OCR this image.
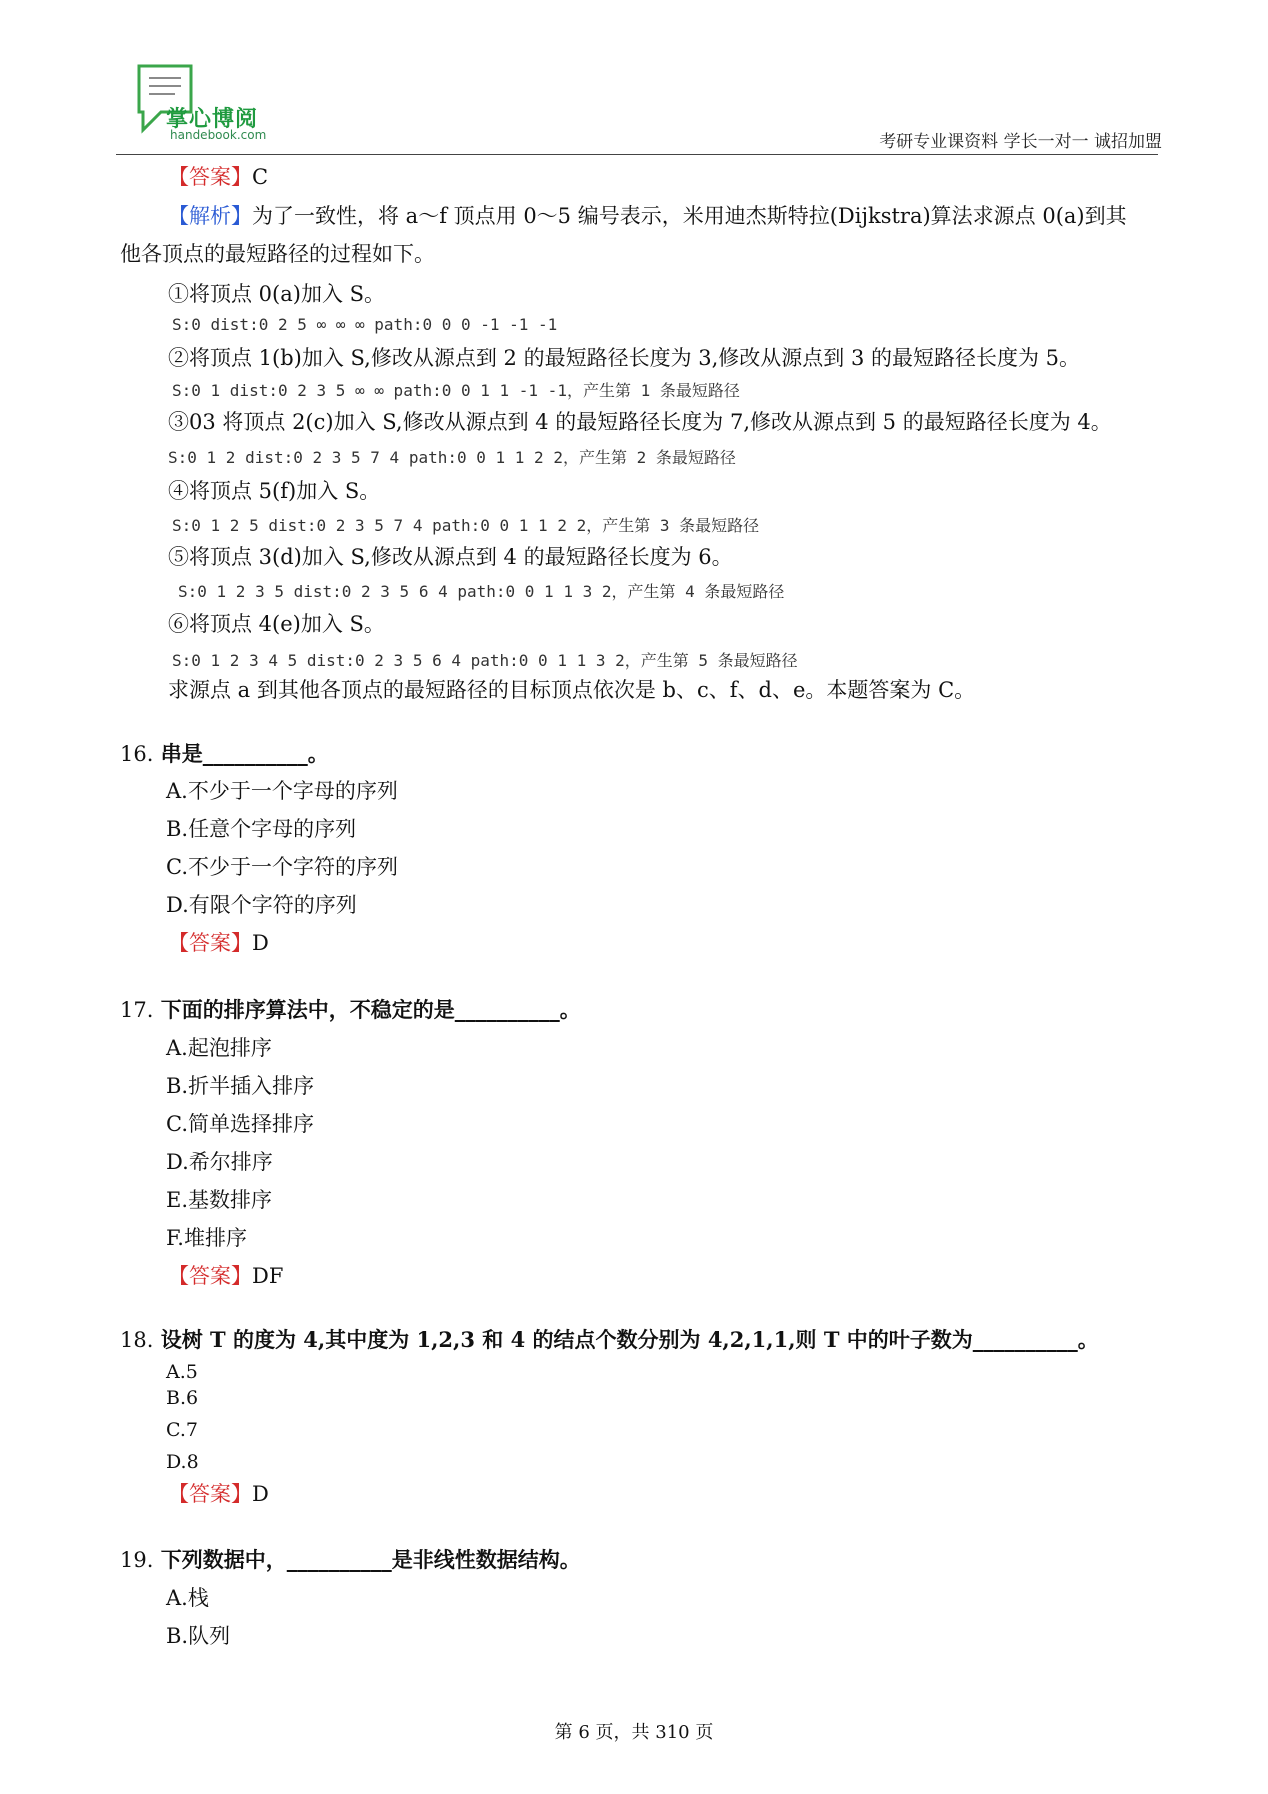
掌心博阅
handebook.com	考研专业课资料 学长一对一 诚招加盟
【答案】C
【解析】为了一致性，将 a～f 顶点用 0～5 编号表示，米用迪杰斯特拉(Dijkstra)算法求源点 0(a)到其
他各顶点的最短路径的过程如下。
①将顶点 0(a)加入 S。
S:0 dist:0 2 5 ∞ ∞ ∞ path:0 0 0 -1 -1 -1
②将顶点 1(b)加入 S,修改从源点到 2 的最短路径长度为 3,修改从源点到 3 的最短路径长度为 5。
S:0 1 dist:0 2 3 5 ∞ ∞ path:0 0 1 1 -1 -1，产生第 1 条最短路径
③03 将顶点 2(c)加入 S,修改从源点到 4 的最短路径长度为 7,修改从源点到 5 的最短路径长度为 4。
S:0 1 2 dist:0 2 3 5 7 4 path:0 0 1 1 2 2，产生第 2 条最短路径
④将顶点 5(f)加入 S。
S:0 1 2 5 dist:0 2 3 5 7 4 path:0 0 1 1 2 2，产生第 3 条最短路径
⑤将顶点 3(d)加入 S,修改从源点到 4 的最短路径长度为 6。
S:0 1 2 3 5 dist:0 2 3 5 6 4 path:0 0 1 1 3 2，产生第 4 条最短路径
⑥将顶点 4(e)加入 S。
S:0 1 2 3 4 5 dist:0 2 3 5 6 4 path:0 0 1 1 3 2，产生第 5 条最短路径
求源点 a 到其他各顶点的最短路径的目标顶点依次是 b、c、f、d、e。本题答案为 C。
16. 串是__________。
A.不少于一个字母的序列
B.任意个字母的序列
C.不少于一个字符的序列
D.有限个字符的序列
【答案】D
17. 下面的排序算法中，不稳定的是__________。
A.起泡排序
B.折半插入排序
C.简单选择排序
D.希尔排序
E.基数排序
F.堆排序
【答案】DF
18. 设树 T 的度为 4,其中度为 1,2,3 和 4 的结点个数分别为 4,2,1,1,则 T 中的叶子数为__________。
A.5
B.6
C.7
D.8
【答案】D
19. 下列数据中，__________是非线性数据结构。
A.栈
B.队列
第 6 页，共 310 页
